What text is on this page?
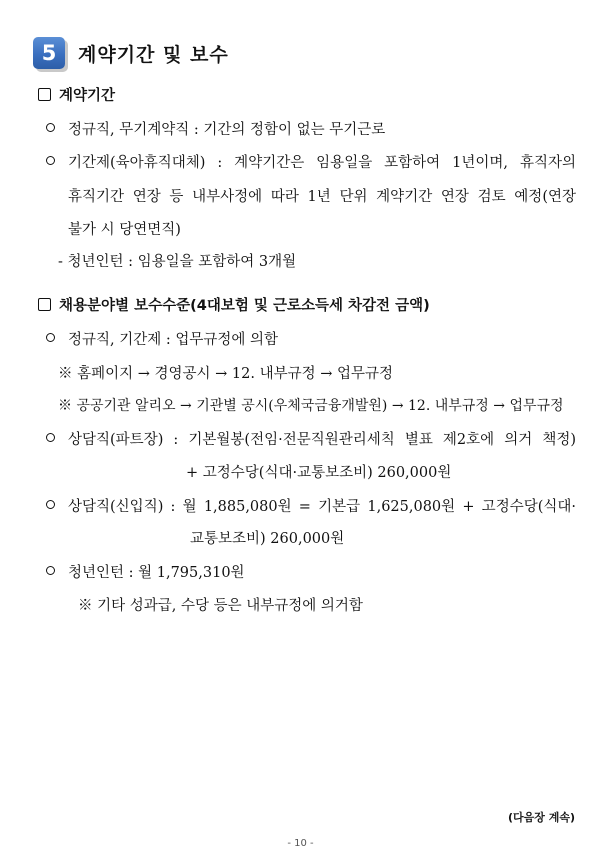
5	계약기간 및 보수
계약기간
정규직, 무기계약직 : 기간의 정함이 없는 무기근로
기간제(육아휴직대체) : 계약기간은 임용일을 포함하여 1년이며, 휴직자의
휴직기간 연장 등 내부사정에 따라 1년 단위 계약기간 연장 검토 예정(연장
불가 시 당연면직)
- 청년인턴 : 임용일을 포함하여 3개월
채용분야별 보수수준(4대보험 및 근로소득세 차감전 금액)
정규직, 기간제 : 업무규정에 의함
※ 홈페이지 → 경영공시 → 12. 내부규정 → 업무규정
※ 공공기관 알리오 → 기관별 공시(우체국금융개발원) → 12. 내부규정 → 업무규정
상담직(파트장) : 기본월봉(전임·전문직원관리세칙 별표 제2호에 의거 책정)
+ 고정수당(식대·교통보조비) 260,000원
상담직(신입직) : 월 1,885,080원 = 기본급 1,625,080원 + 고정수당(식대·
교통보조비) 260,000원
청년인턴 : 월 1,795,310원
※ 기타 성과급, 수당 등은 내부규정에 의거함
(다음장 계속)
- 10 -
